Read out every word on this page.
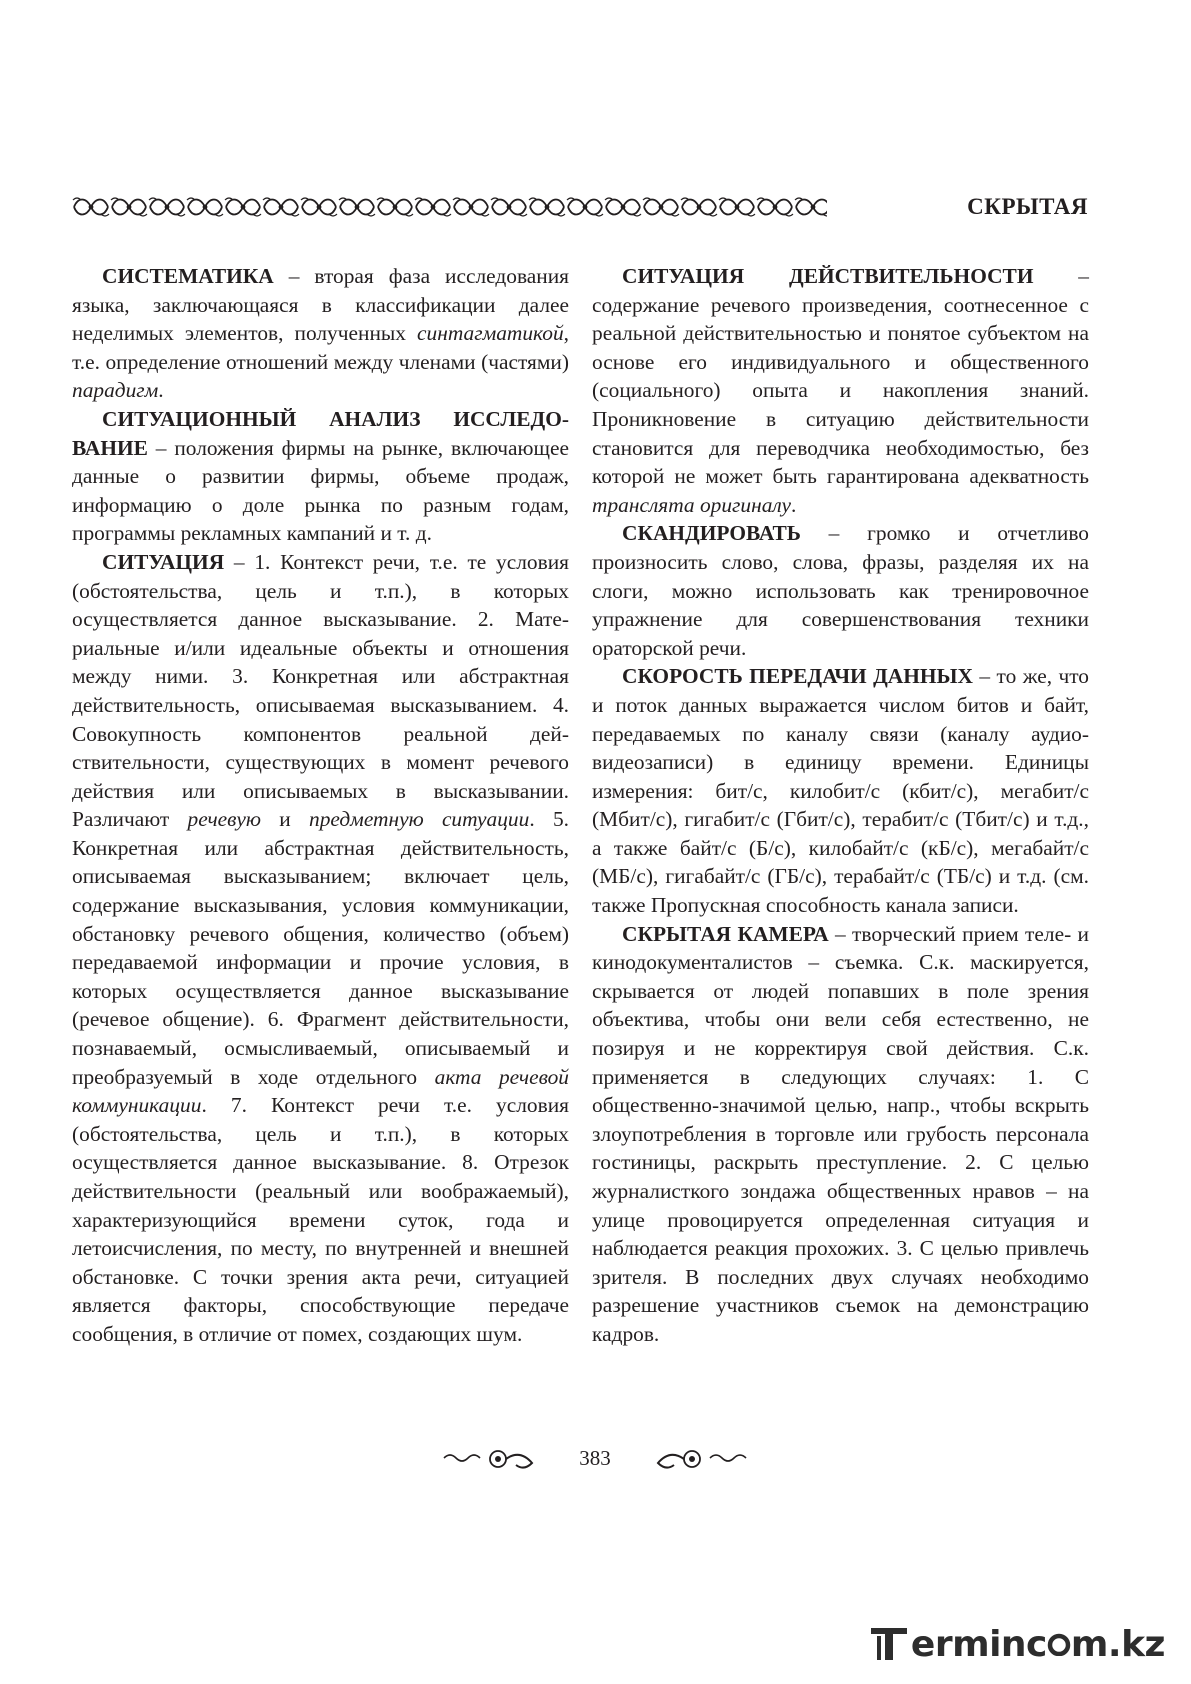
СКРЫТАЯ

СИСТЕМАТИКА – вторая фаза исследования языка, заключающаяся в классификации далее неделимых элементов, полученных синтагматикой, т.е. определение отношений между членами (частями) парадигм.

СИТУАЦИОННЫЙ АНАЛИЗ ИССЛЕДОВАНИЕ – положения фирмы на рынке, включающее данные о развитии фирмы, объеме продаж, информацию о доле рынка по разным годам, программы рекламных кампаний и т. д.

СИТУАЦИЯ – 1. Контекст речи, т.е. те условия (обстоятельства, цель и т.п.), в которых осуществляется данное высказывание. 2. Материальные и/или идеальные объекты и отношения между ними. 3. Конкретная или абстрактная действительность, описываемая высказыванием. 4. Совокупность компонентов реальной действительности, существующих в момент речевого действия или описываемых в высказывании. Различают речевую и предметную ситуации. 5. Конкретная или абстрактная действительность, описываемая высказыванием; включает цель, содержание высказывания, условия коммуникации, обстановку речевого общения, количество (объем) передаваемой информации и прочие условия, в которых осуществляется данное высказывание (речевое общение). 6. Фрагмент действительности, познаваемый, осмысливаемый, описываемый и преобразуемый в ходе отдельного акта речевой коммуникации. 7. Контекст речи т.е. условия (обстоятельства, цель и т.п.), в которых осуществляется данное высказывание. 8. Отрезок действительности (реальный или воображаемый), характеризующийся времени суток, года и летоисчисления, по месту, по внутренней и внешней обстановке. С точки зрения акта речи, ситуацией является факторы, способствующие передаче сообщения, в отличие от помех, создающих шум.

СИТУАЦИЯ ДЕЙСТВИТЕЛЬНОСТИ – содержание речевого произведения, соотнесенное с реальной действительностью и понятое субъектом на основе его индивидуального и общественного (социального) опыта и накопления знаний. Проникновение в ситуацию действительности становится для переводчика необходимостью, без которой не может быть гарантирована адекватность транслята оригиналу.

СКАНДИРОВАТЬ – громко и отчетливо произносить слово, слова, фразы, разделяя их на слоги, можно использовать как тренировочное упражнение для совершенствования техники ораторской речи.

СКОРОСТЬ ПЕРЕДАЧИ ДАННЫХ – то же, что и поток данных выражается числом битов и байт, передаваемых по каналу связи (каналу аудио-видеозаписи) в единицу времени. Единицы измерения: бит/с, килобит/с (кбит/с), мегабит/с (Мбит/с), гигабит/с (Гбит/с), терабит/с (Тбит/с) и т.д., а также байт/с (Б/с), килобайт/с (кБ/с), мегабайт/с (МБ/с), гигабайт/с (ГБ/с), терабайт/с (ТБ/с) и т.д. (см. также Пропускная способность канала записи.

СКРЫТАЯ КАМЕРА – творческий прием теле- и кинодокументалистов – съемка. С.к. маскируется, скрывается от людей попавших в поле зрения объектива, чтобы они вели себя естественно, не позируя и не корректируя свой действия. С.к. применяется в следующих случаях: 1. С общественно-значимой целью, напр., чтобы вскрыть злоупотребления в торговле или грубость персонала гостиницы, раскрыть преступление. 2. С целью журналисткого зондажа общественных нравов – на улице провоцируется определенная ситуация и наблюдается реакция прохожих. 3. С целью привлечь зрителя. В последних двух случаях необходимо разрешение участников съемок на демонстрацию кадров.

383
T
erminc m.kz
